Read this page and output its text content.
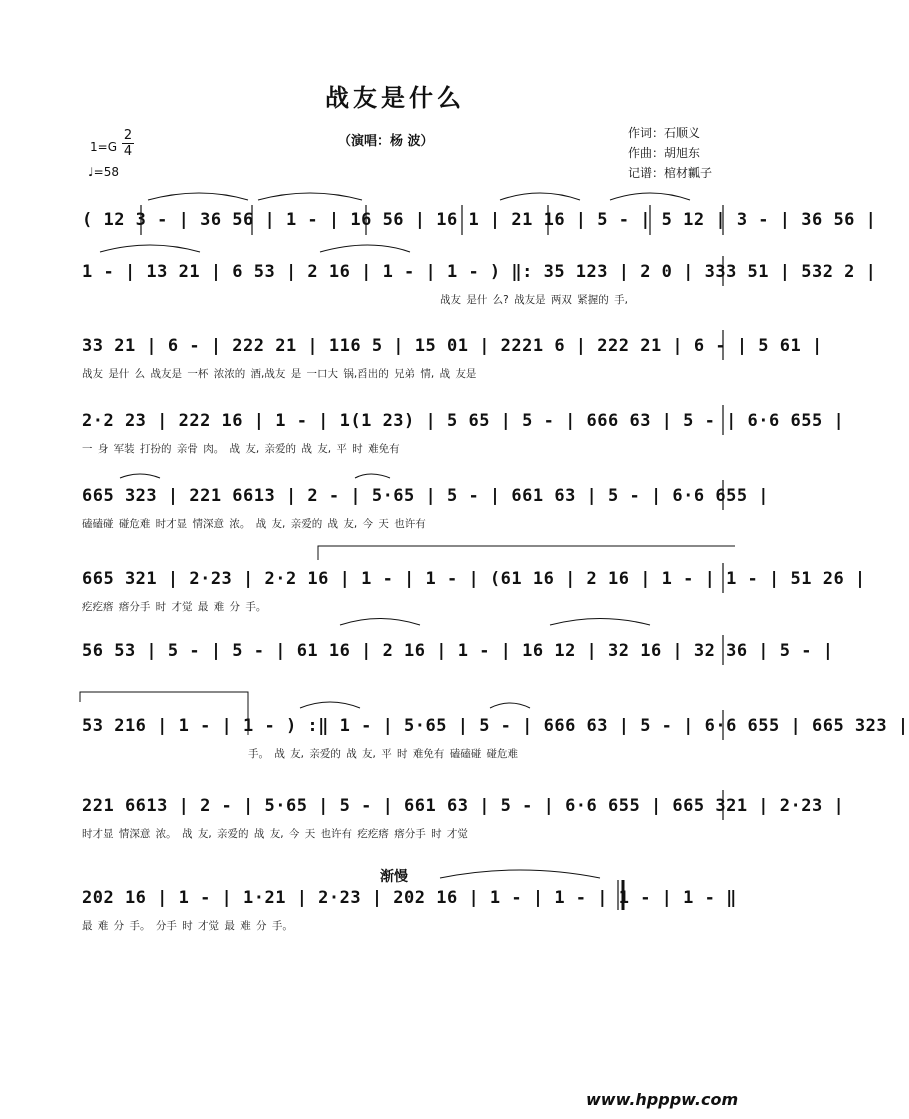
战友是什么
（演唱：杨 波）
作词：石顺义
作曲：胡旭东
记谱：棺材瓤子
1=G
2
4
♩=58
( 12 3 - | 36 56 | 1 - | 16 56 | 16 1 | 21 16 | 5 - | 5 12 | 3 - | 36 56 |
1 - | 13 21 | 6 53 | 2 16 | 1 - | 1 - ) ‖: 35 123 | 2 0 | 333 51 | 532 2 |
战友 是什 么? 战友是 两双 紧握的 手,
33 21 | 6 - | 222 21 | 116 5 | 15 01 | 2221 6 | 222 21 | 6 - | 5 61 |
战友 是什 么 战友是 一杯 浓浓的 酒,战友 是 一口大 锅,舀出的 兄弟 情, 战 友是
2·2 23 | 222 16 | 1 - | 1(1 23) | 5 65 | 5 - | 666 63 | 5 - | 6·6 655 |
一 身 军装 打扮的 亲骨 肉。 战 友, 亲爱的 战 友, 平 时 难免有
665 323 | 221 6613 | 2 - | 5·65 | 5 - | 661 63 | 5 - | 6·6 655 |
磕磕碰 碰危难 时才显 情深意 浓。 战 友, 亲爱的 战 友, 今 天 也许有
665 321 | 2·23 | 2·2 16 | 1 - | 1 - | (61 16 | 2 16 | 1 - | 1 - | 51 26 |
疙疙瘩 瘩分手 时 才觉 最 难 分 手。
56 53 | 5 - | 5 - | 61 16 | 2 16 | 1 - | 16 12 | 32 16 | 32 36 | 5 - |
53 216 | 1 - | 1 - ) :‖ 1 - | 5·65 | 5 - | 666 63 | 5 - | 6·6 655 | 665 323 |
手。 战 友, 亲爱的 战 友, 平 时 难免有 磕磕碰 碰危难
221 6613 | 2 - | 5·65 | 5 - | 661 63 | 5 - | 6·6 655 | 665 321 | 2·23 |
时才显 情深意 浓。 战 友, 亲爱的 战 友, 今 天 也许有 疙疙瘩 瘩分手 时 才觉
渐慢
202 16 | 1 - | 1·21 | 2·23 | 202 16 | 1 - | 1 - | 1 - | 1 - ‖
最 难 分 手。 分手 时 才觉 最 难 分 手。
www.hpppw.com
